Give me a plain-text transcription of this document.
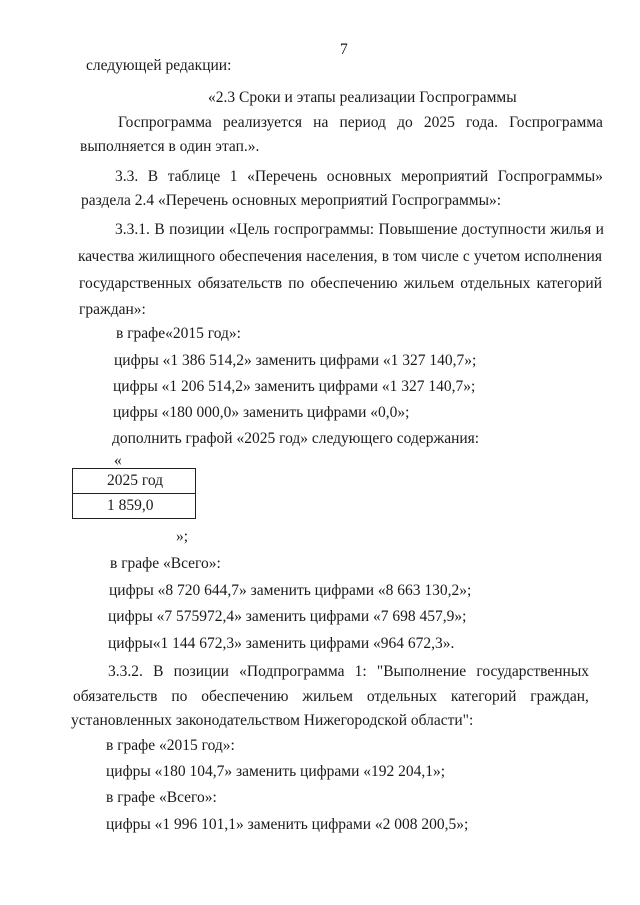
7
следующей редакции:
«2.3 Сроки и этапы реализации Госпрограммы
Госпрограмма реализуется на период до 2025 года. Госпрограмма
выполняется в один этап.».
3.3. В таблице 1 «Перечень основных мероприятий Госпрограммы»
раздела 2.4 «Перечень основных мероприятий Госпрограммы»:
3.3.1. В позиции «Цель госпрограммы: Повышение доступности жилья и
качества жилищного обеспечения населения, в том числе с учетом исполнения
государственных обязательств по обеспечению жильем отдельных категорий
граждан»:
в графе«2015 год»:
цифры «1 386 514,2» заменить цифрами «1 327 140,7»;
цифры «1 206 514,2» заменить цифрами «1 327 140,7»;
цифры «180 000,0» заменить цифрами «0,0»;
дополнить графой «2025 год» следующего содержания:
«
2025 год
1 859,0
»;
в графе «Всего»:
цифры «8 720 644,7» заменить цифрами «8 663 130,2»;
цифры «7 575972,4» заменить цифрами «7 698 457,9»;
цифры«1 144 672,3» заменить цифрами «964 672,3».
3.3.2. В позиции «Подпрограмма 1: "Выполнение государственных
обязательств по обеспечению жильем отдельных категорий граждан,
установленных законодательством Нижегородской области":
в графе «2015 год»:
цифры «180 104,7» заменить цифрами «192 204,1»;
в графе «Всего»:
цифры «1 996 101,1» заменить цифрами «2 008 200,5»;
